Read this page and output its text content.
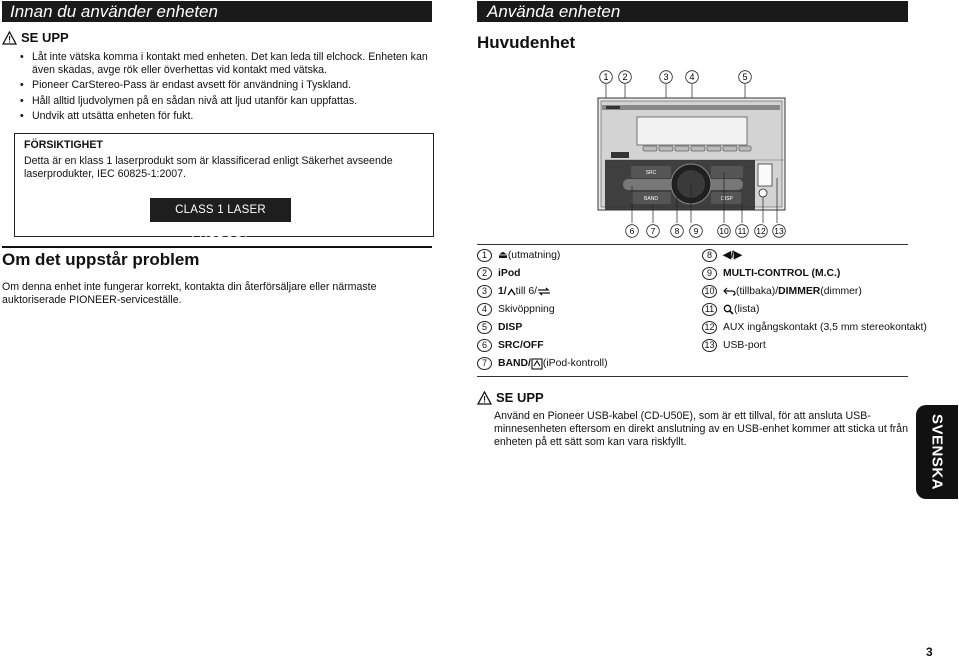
Innan du använder enheten
SE UPP
• Låt inte vätska komma i kontakt med enheten. Det kan leda till elchock. Enheten kan även skadas, avge rök eller överhettas vid kontakt med vätska.
• Pioneer CarStereo-Pass är endast avsett för användning i Tyskland.
• Håll alltid ljudvolymen på en sådan nivå att ljud utanför kan uppfattas.
• Undvik att utsätta enheten för fukt.
FÖRSIKTIGHET
Detta är en klass 1 laserprodukt som är klassificerad enligt Säkerhet avseende laserprodukter, IEC 60825-1:2007.
CLASS 1 LASER PRODUCT
Om det uppstår problem
Om denna enhet inte fungerar korrekt, kontakta din återförsäljare eller närmaste auktoriserade PIONEER-serviceställe.
Använda enheten
Huvudenhet
1 2	3 4	5
SRC
BAND	DISP
6 7 8 9 10 11 12 13
1	⏏ (utmatning)
2	iPod
3	1/ till 6/
4	Skivöppning
5	DISP
6	SRC/OFF
7	BAND/ (iPod-kontroll)
8	◀/▶
9	MULTI-CONTROL (M.C.)
10 (tillbaka)/ DIMMER (dimmer)
11 (lista)
12 AUX ingångskontakt (3,5 mm stereokontakt)
13 USB-port
SE UPP
Använd en Pioneer USB-kabel (CD-U50E), som är ett tillval, för att ansluta USB-minnesenheten eftersom en direkt anslutning av en USB-enhet kommer att sticka ut från enheten på ett sätt som kan vara riskfyllt.	SVENSKA
3
